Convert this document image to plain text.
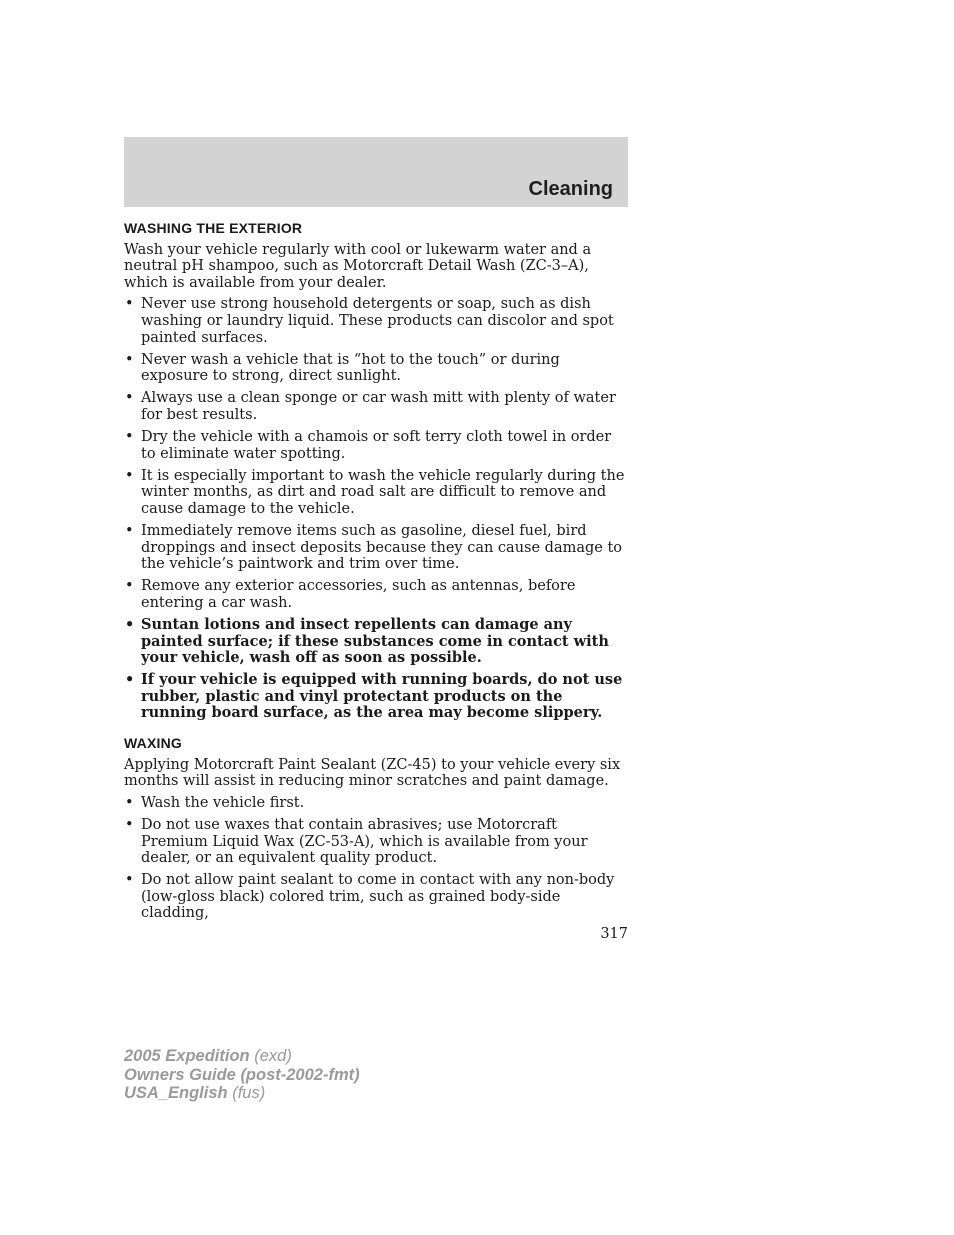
Cleaning
WASHING THE EXTERIOR

Wash your vehicle regularly with cool or lukewarm water and a neutral pH shampoo, such as Motorcraft Detail Wash (ZC-3–A), which is available from your dealer.

• Never use strong household detergents or soap, such as dish washing or laundry liquid. These products can discolor and spot painted surfaces.
• Never wash a vehicle that is “hot to the touch” or during exposure to strong, direct sunlight.
• Always use a clean sponge or car wash mitt with plenty of water for best results.
• Dry the vehicle with a chamois or soft terry cloth towel in order to eliminate water spotting.
• It is especially important to wash the vehicle regularly during the winter months, as dirt and road salt are difficult to remove and cause damage to the vehicle.
• Immediately remove items such as gasoline, diesel fuel, bird droppings and insect deposits because they can cause damage to the vehicle’s paintwork and trim over time.
• Remove any exterior accessories, such as antennas, before entering a car wash.
• Suntan lotions and insect repellents can damage any painted surface; if these substances come in contact with your vehicle, wash off as soon as possible.
• If your vehicle is equipped with running boards, do not use rubber, plastic and vinyl protectant products on the running board surface, as the area may become slippery.
WAXING

Applying Motorcraft Paint Sealant (ZC-45) to your vehicle every six months will assist in reducing minor scratches and paint damage.

• Wash the vehicle first.
• Do not use waxes that contain abrasives; use Motorcraft Premium Liquid Wax (ZC-53-A), which is available from your dealer, or an equivalent quality product.
• Do not allow paint sealant to come in contact with any non-body (low-gloss black) colored trim, such as grained body-side cladding,
317
2005 Expedition (exd)
Owners Guide (post-2002-fmt)
USA_English (fus)
